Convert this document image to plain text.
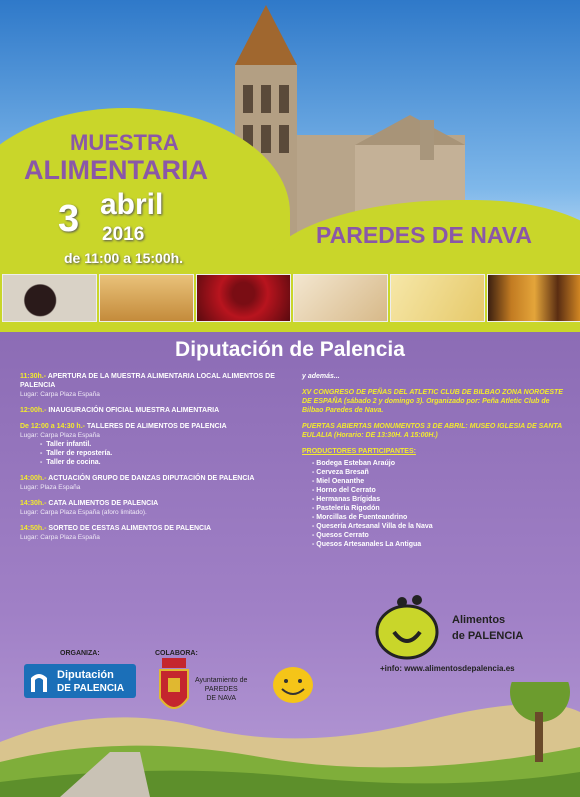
MUESTRA
ALIMENTARIA
3 abril
2016
de 11:00 a 15:00h.
PAREDES DE NAVA
Diputación de Palencia
11:30h.- APERTURA DE LA MUESTRA ALIMENTARIA LOCAL ALIMENTOS DE PALENCIA
Lugar: Carpa Plaza España
12:00h.- INAUGURACIÓN OFICIAL MUESTRA ALIMENTARIA
De 12:00 a 14:30 h.- TALLERES DE ALIMENTOS DE PALENCIA
Lugar: Carpa Plaza España
-  Taller infantil.
-  Taller de repostería.
-  Taller de cocina.
14:00h.- ACTUACIÓN GRUPO DE DANZAS DIPUTACIÓN DE PALENCIA
Lugar: Plaza España
14:30h.- CATA ALIMENTOS DE PALENCIA
Lugar: Carpa Plaza España (aforo limitado).
14:50h.- SORTEO DE CESTAS ALIMENTOS DE PALENCIA
Lugar: Carpa Plaza España
y además...
XV CONGRESO DE PEÑAS DEL ATLETIC CLUB DE BILBAO ZONA NOROESTE DE ESPAÑA (sábado 2 y domingo 3). Organizado por: Peña Atletic Club de Bilbao Paredes de Nava.
PUERTAS ABIERTAS MONUMENTOS 3 DE ABRIL: MUSEO IGLESIA DE SANTA EULALIA (Horario: DE 13:30H. A 15:00H.)
PRODUCTORES PARTICIPANTES:
- Bodega Esteban Araújo
- Cerveza Bresañ
- Miel Oenanthe
- Horno del Cerrato
- Hermanas Brígidas
- Pastelería Rigodón
- Morcillas de Fuenteandrino
- Quesería Artesanal Villa de la Nava
- Quesos Cerrato
- Quesos Artesanales La Antigua
Alimentos
de PALENCIA
+info: www.alimentosdepalencia.es
ORGANIZA:	COLABORA:
Diputación
DE PALENCIA
Ayuntamiento de
PAREDES
DE NAVA
